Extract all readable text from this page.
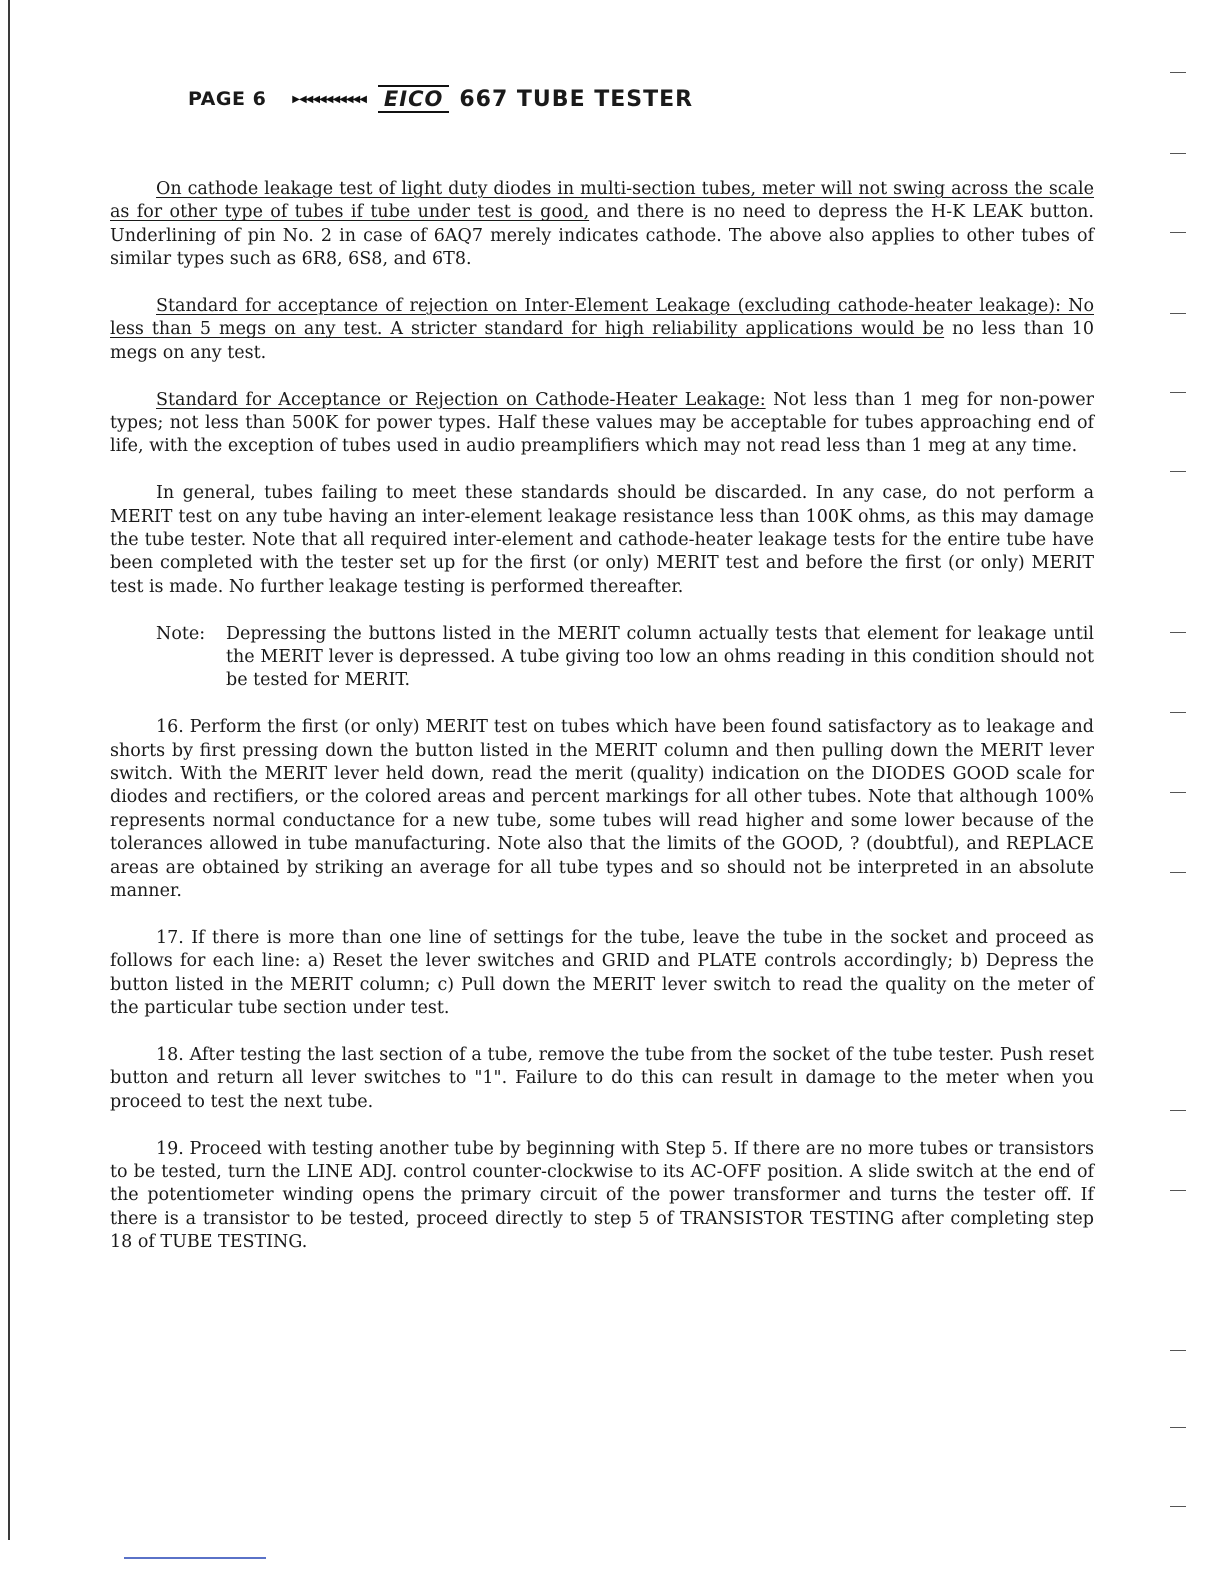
PAGE 6	▶◀◀◀◀◀◀◀◀◀◀ EICO 667 TUBE TESTER

On cathode leakage test of light duty diodes in multi-section tubes, meter will not swing across the scale as for other type of tubes if tube under test is good, and there is no need to depress the H-K LEAK button. Underlining of pin No. 2 in case of 6AQ7 merely indicates cathode. The above also applies to other tubes of similar types such as 6R8, 6S8, and 6T8.

Standard for acceptance of rejection on Inter-Element Leakage (excluding cathode-heater leakage): No less than 5 megs on any test. A stricter standard for high reliability applications would be no less than 10 megs on any test.

Standard for Acceptance or Rejection on Cathode-Heater Leakage: Not less than 1 meg for non-power types; not less than 500K for power types. Half these values may be acceptable for tubes approaching end of life, with the exception of tubes used in audio preamplifiers which may not read less than 1 meg at any time.

In general, tubes failing to meet these standards should be discarded. In any case, do not perform a MERIT test on any tube having an inter-element leakage resistance less than 100K ohms, as this may damage the tube tester. Note that all required inter-element and cathode-heater leakage tests for the entire tube have been completed with the tester set up for the first (or only) MERIT test and before the first (or only) MERIT test is made. No further leakage testing is performed thereafter.

Note:	Depressing the buttons listed in the MERIT column actually tests that element for leakage until the MERIT lever is depressed. A tube giving too low an ohms reading in this condition should not be tested for MERIT.

16. Perform the first (or only) MERIT test on tubes which have been found satisfactory as to leakage and shorts by first pressing down the button listed in the MERIT column and then pulling down the MERIT lever switch. With the MERIT lever held down, read the merit (quality) indication on the DIODES GOOD scale for diodes and rectifiers, or the colored areas and percent markings for all other tubes. Note that although 100% represents normal conductance for a new tube, some tubes will read higher and some lower because of the tolerances allowed in tube manufacturing. Note also that the limits of the GOOD, ? (doubtful), and REPLACE areas are obtained by striking an average for all tube types and so should not be interpreted in an absolute manner.

17. If there is more than one line of settings for the tube, leave the tube in the socket and proceed as follows for each line: a) Reset the lever switches and GRID and PLATE controls accordingly; b) Depress the button listed in the MERIT column; c) Pull down the MERIT lever switch to read the quality on the meter of the particular tube section under test.

18. After testing the last section of a tube, remove the tube from the socket of the tube tester. Push reset button and return all lever switches to "1". Failure to do this can result in damage to the meter when you proceed to test the next tube.

19. Proceed with testing another tube by beginning with Step 5. If there are no more tubes or transistors to be tested, turn the LINE ADJ. control counter-clockwise to its AC-OFF position. A slide switch at the end of the potentiometer winding opens the primary circuit of the power transformer and turns the tester off. If there is a transistor to be tested, proceed directly to step 5 of TRANSISTOR TESTING after completing step 18 of TUBE TESTING.
